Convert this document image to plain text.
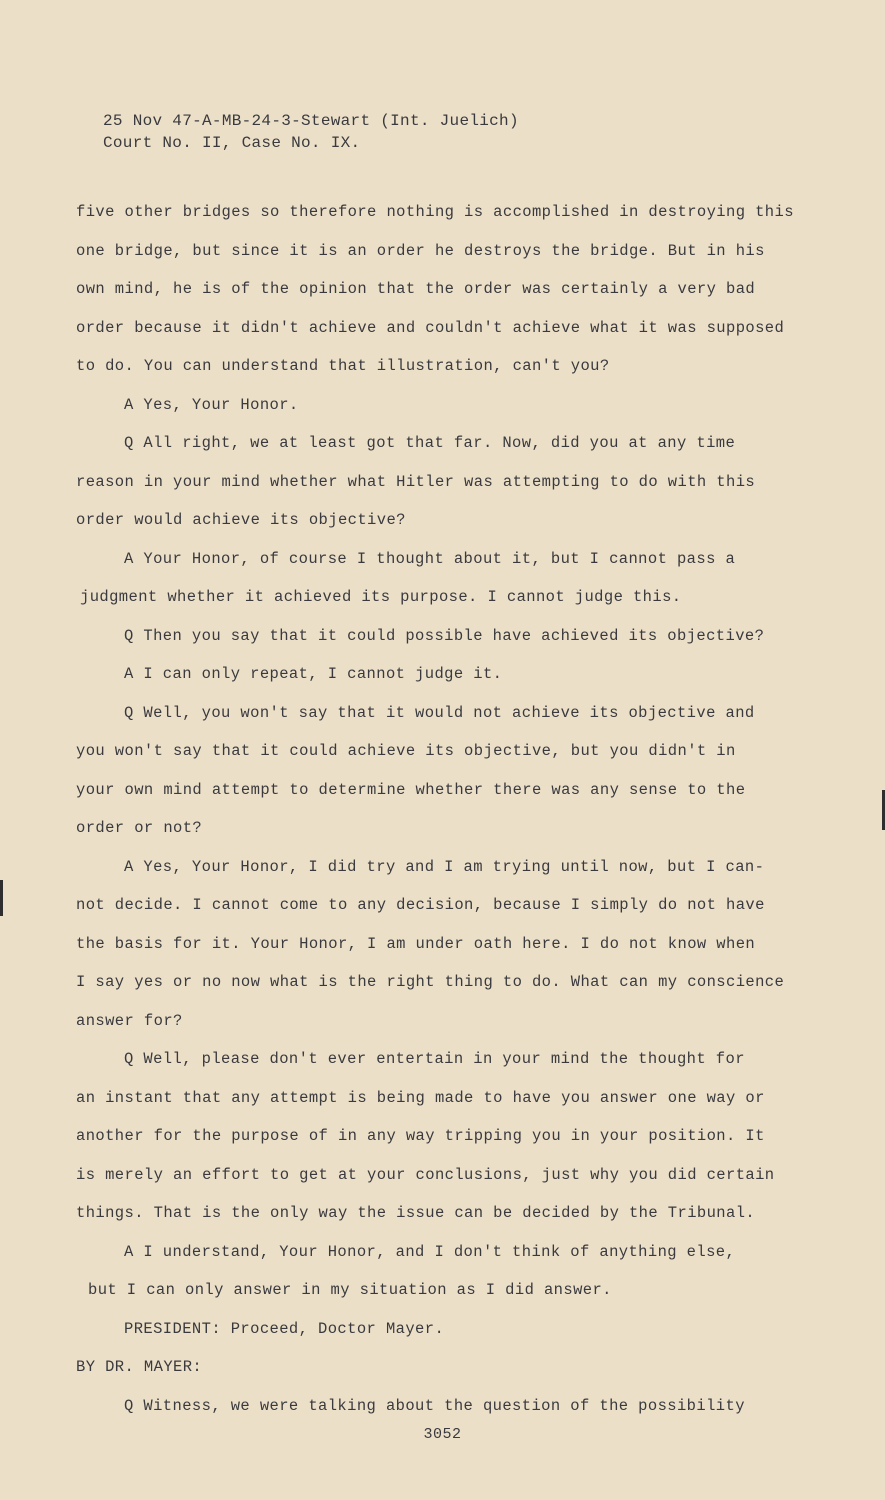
25 Nov 47-A-MB-24-3-Stewart (Int. Juelich)
Court No. II, Case No. IX.
five other bridges so therefore nothing is accomplished in destroying this
one bridge, but since it is an order he destroys the bridge. But in his
own mind, he is of the opinion that the order was certainly a very bad
order because it didn't achieve and couldn't achieve what it was supposed
to do. You can understand that illustration, can't you?
A Yes, Your Honor.
Q All right, we at least got that far. Now, did you at any time
reason in your mind whether what Hitler was attempting to do with this
order would achieve its objective?
A Your Honor, of course I thought about it, but I cannot pass a
judgment whether it achieved its purpose. I cannot judge this.
Q Then you say that it could possible have achieved its objective?
A I can only repeat, I cannot judge it.
Q Well, you won't say that it would not achieve its objective and
you won't say that it could achieve its objective, but you didn't in
your own mind attempt to determine whether there was any sense to the
order or not?
A Yes, Your Honor, I did try and I am trying until now, but I can-
not decide. I cannot come to any decision, because I simply do not have
the basis for it. Your Honor, I am under oath here. I do not know when
I say yes or no now what is the right thing to do. What can my conscience
answer for?
Q Well, please don't ever entertain in your mind the thought for
an instant that any attempt is being made to have you answer one way or
another for the purpose of in any way tripping you in your position. It
is merely an effort to get at your conclusions, just why you did certain
things. That is the only way the issue can be decided by the Tribunal.
A I understand, Your Honor, and I don't think of anything else,
but I can only answer in my situation as I did answer.
PRESIDENT: Proceed, Doctor Mayer.
BY DR. MAYER:
Q Witness, we were talking about the question of the possibility
3052
